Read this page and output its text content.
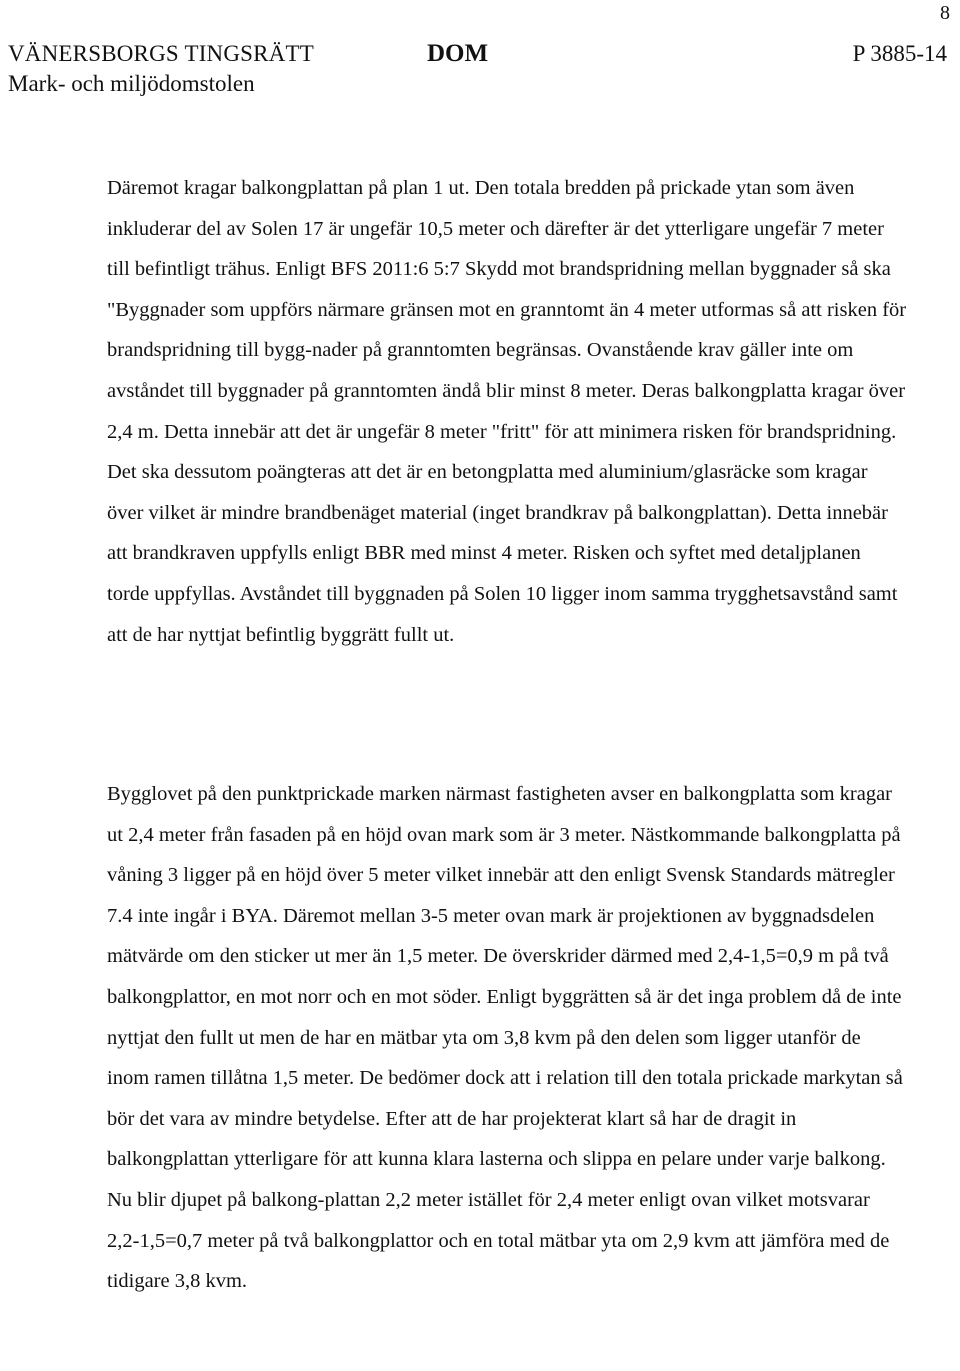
8
VÄNERSBORGS TINGSRÄTT
Mark- och miljödomstolen
DOM	P 3885-14

Däremot kragar balkongplattan på plan 1 ut. Den totala bredden på prickade ytan som även inkluderar del av Solen 17 är ungefär 10,5 meter och därefter är det ytterligare ungefär 7 meter till befintligt trähus. Enligt BFS 2011:6 5:7 Skydd mot brandspridning mellan byggnader så ska "Byggnader som uppförs närmare gränsen mot en granntomt än 4 meter utformas så att risken för brandspridning till bygg-nader på granntomten begränsas. Ovanstående krav gäller inte om avståndet till byggnader på granntomten ändå blir minst 8 meter. Deras balkongplatta kragar över 2,4 m. Detta innebär att det är ungefär 8 meter "fritt" för att minimera risken för brandspridning. Det ska dessutom poängteras att det är en betongplatta med aluminium/glasräcke som kragar över vilket är mindre brandbenäget material (inget brandkrav på balkongplattan). Detta innebär att brandkraven uppfylls enligt BBR med minst 4 meter. Risken och syftet med detaljplanen torde uppfyllas. Avståndet till byggnaden på Solen 10 ligger inom samma trygghetsavstånd samt att de har nyttjat befintlig byggrätt fullt ut.

Bygglovet på den punktprickade marken närmast fastigheten avser en balkongplatta som kragar ut 2,4 meter från fasaden på en höjd ovan mark som är 3 meter. Nästkommande balkongplatta på våning 3 ligger på en höjd över 5 meter vilket innebär att den enligt Svensk Standards mätregler 7.4 inte ingår i BYA. Däremot mellan 3-5 meter ovan mark är projektionen av byggnadsdelen mätvärde om den sticker ut mer än 1,5 meter. De överskrider därmed med 2,4-1,5=0,9 m på två balkongplattor, en mot norr och en mot söder. Enligt byggrätten så är det inga problem då de inte nyttjat den fullt ut men de har en mätbar yta om 3,8 kvm på den delen som ligger utanför de inom ramen tillåtna 1,5 meter. De bedömer dock att i relation till den totala prickade markytan så bör det vara av mindre betydelse. Efter att de har projekterat klart så har de dragit in balkongplattan ytterligare för att kunna klara lasterna och slippa en pelare under varje balkong. Nu blir djupet på balkong-plattan 2,2 meter istället för 2,4 meter enligt ovan vilket motsvarar 2,2-1,5=0,7 meter på två balkongplattor och en total mätbar yta om 2,9 kvm att jämföra med de tidigare 3,8 kvm.
